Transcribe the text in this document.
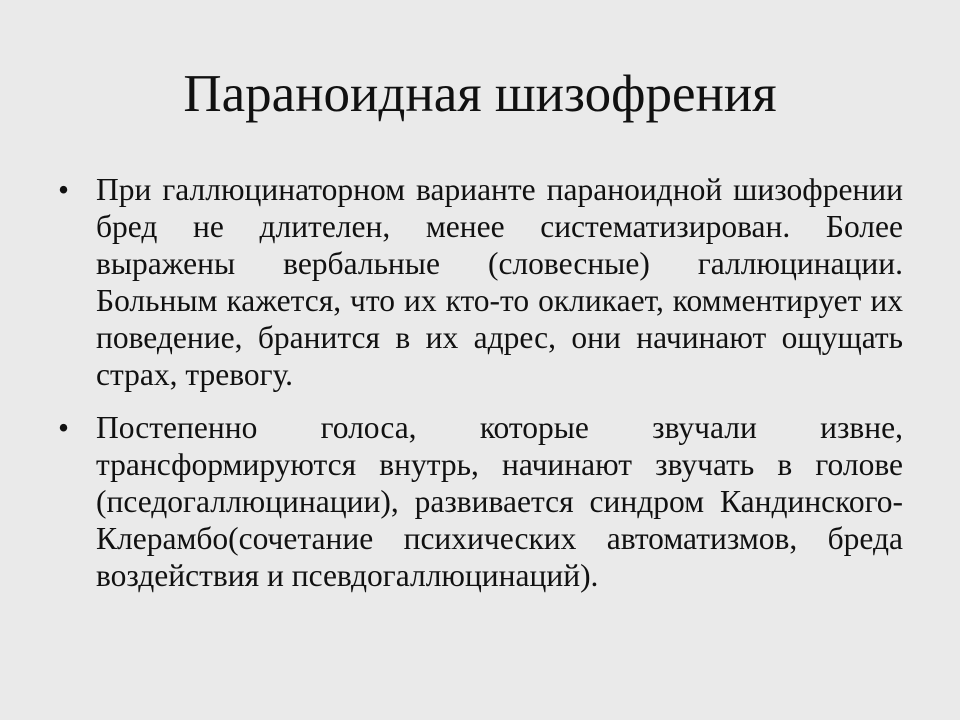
Параноидная шизофрения
• При галлюцинаторном варианте параноидной шизофрении бред не длителен, менее систематизирован. Более выражены вербальные (словесные) галлюцинации. Больным кажется, что их кто-то окликает, комментирует их поведение, бранится в их адрес, они начинают ощущать страх, тревогу.
• Постепенно голоса, которые звучали извне, трансформируются внутрь, начинают звучать в голове (пседогаллюцинации), развивается синдром Кандинского-Клерамбо(сочетание психических автоматизмов, бреда воздействия и псевдогаллюцинаций).
